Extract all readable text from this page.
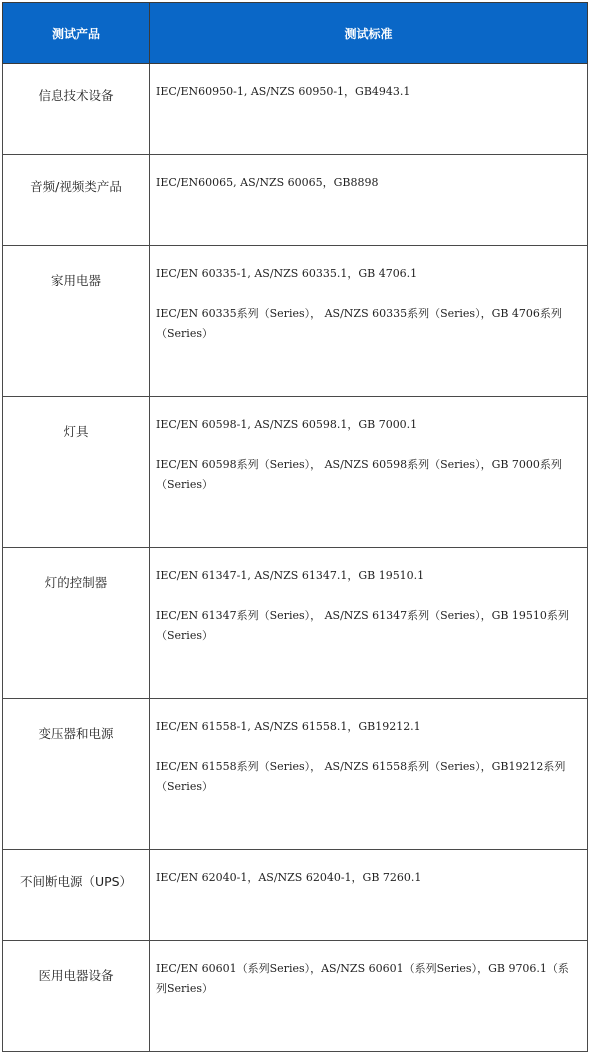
测试产品	测试标准
信息技术设备	IEC/EN60950-1, AS/NZS 60950-1，GB4943.1

音频/视频类产品	IEC/EN60065, AS/NZS 60065，GB8898

家用电器	IEC/EN 60335-1, AS/NZS 60335.1，GB 4706.1

IEC/EN 60335系列（Series）， AS/NZS 60335系列（Series），GB 4706系列（Series）

灯具	IEC/EN 60598-1, AS/NZS 60598.1，GB 7000.1

IEC/EN 60598系列（Series）， AS/NZS 60598系列（Series），GB 7000系列（Series）

灯的控制器	IEC/EN 61347-1, AS/NZS 61347.1，GB 19510.1

IEC/EN 61347系列（Series）， AS/NZS 61347系列（Series），GB 19510系列（Series）

变压器和电源	IEC/EN 61558-1, AS/NZS 61558.1，GB19212.1

IEC/EN 61558系列（Series）， AS/NZS 61558系列（Series），GB19212系列（Series）

不间断电源（UPS）	IEC/EN 62040-1，AS/NZS 62040-1，GB 7260.1

医用电器设备	IEC/EN 60601（系列Series），AS/NZS 60601（系列Series），GB 9706.1（系列Series）
